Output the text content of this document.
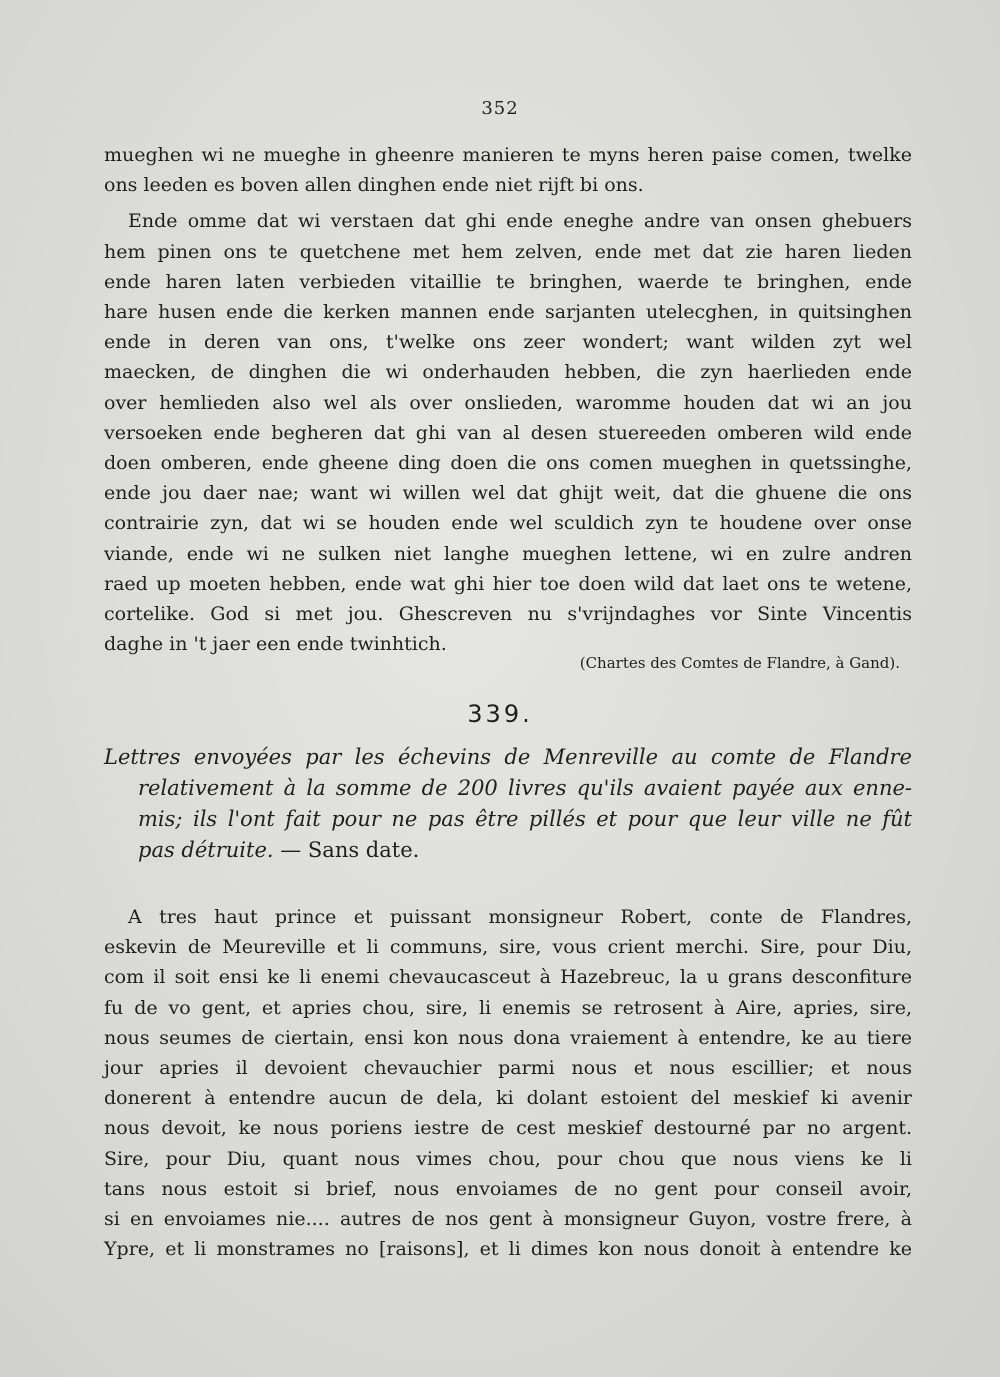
352

mueghen wi ne mueghe in gheenre manieren te myns heren paise comen, twelke
ons leeden es boven allen dinghen ende niet rijft bi ons.

Ende omme dat wi verstaen dat ghi ende eneghe andre van onsen ghebuers
hem pinen ons te quetchene met hem zelven, ende met dat zie haren lieden
ende haren laten verbieden vitaillie te bringhen, waerde te bringhen, ende
hare husen ende die kerken mannen ende sarjanten utelecghen, in quitsinghen
ende in deren van ons, t'welke ons zeer wondert; want wilden zyt wel
maecken, de dinghen die wi onderhauden hebben, die zyn haerlieden ende
over hemlieden also wel als over onslieden, waromme houden dat wi an jou
versoeken ende begheren dat ghi van al desen stuereeden omberen wild ende
doen omberen, ende gheene ding doen die ons comen mueghen in quetssinghe,
ende jou daer nae; want wi willen wel dat ghijt weit, dat die ghuene die ons
contrairie zyn, dat wi se houden ende wel sculdich zyn te houdene over onse
viande, ende wi ne sulken niet langhe mueghen lettene, wi en zulre andren
raed up moeten hebben, ende wat ghi hier toe doen wild dat laet ons te wetene,
cortelike. God si met jou. Ghescreven nu s'vrijndaghes vor Sinte Vincentis
daghe in 't jaer een ende twinhtich.

(Chartes des Comtes de Flandre, à Gand).
339.
Lettres envoyées par les échevins de Menreville au comte de Flandre
relativement à la somme de 200 livres qu'ils avaient payée aux enne-
mis; ils l'ont fait pour ne pas être pillés et pour que leur ville ne fût
pas détruite. — Sans date.

A tres haut prince et puissant monsigneur Robert, conte de Flandres,
eskevin de Meureville et li communs, sire, vous crient merchi. Sire, pour Diu,
com il soit ensi ke li enemi chevaucasceut à Hazebreuc, la u grans desconfiture
fu de vo gent, et apries chou, sire, li enemis se retrosent à Aire, apries, sire,
nous seumes de ciertain, ensi kon nous dona vraiement à entendre, ke au tiere
jour apries il devoient chevauchier parmi nous et nous escillier; et nous
donerent à entendre aucun de dela, ki dolant estoient del meskief ki avenir
nous devoit, ke nous poriens iestre de cest meskief destourné par no argent.
Sire, pour Diu, quant nous vimes chou, pour chou que nous viens ke li
tans nous estoit si brief, nous envoiames de no gent pour conseil avoir,
si en envoiames nie.... autres de nos gent à monsigneur Guyon, vostre frere, à
Ypre, et li monstrames no [raisons], et li dimes kon nous donoit à entendre ke
